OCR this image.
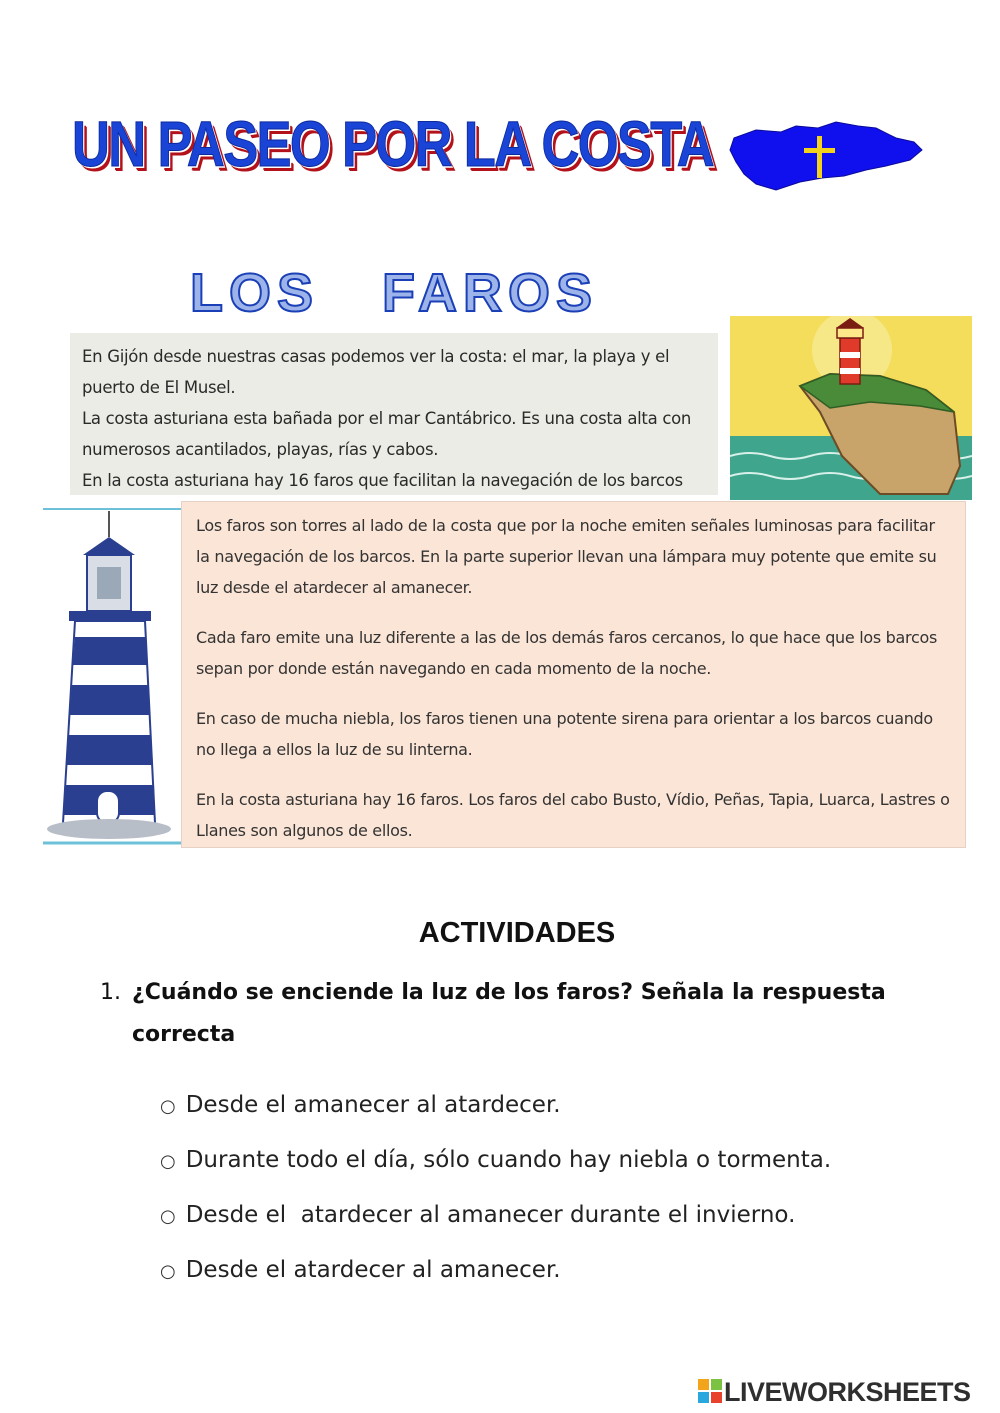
UN PASEO POR LA COSTA
LOS   FAROS

En Gijón desde nuestras casas podemos ver la costa: el mar, la playa y el puerto de El Musel.

La costa asturiana esta bañada por el mar Cantábrico. Es una costa alta con numerosos acantilados, playas, rías y cabos.

En la costa asturiana hay 16 faros que facilitan la navegación de los barcos

Los faros son torres al lado de la costa que por la noche emiten señales luminosas para facilitar la navegación de los barcos. En la parte superior llevan una lámpara muy potente que emite su luz desde el atardecer al amanecer.

Cada faro emite una luz diferente a las de los demás faros cercanos, lo que hace que los barcos sepan por donde están navegando en cada momento de la noche.

En caso de mucha niebla, los faros tienen una potente sirena para orientar a los barcos cuando no llega a ellos la luz de su linterna.

En la costa asturiana hay 16 faros. Los faros del cabo Busto, Vídio, Peñas, Tapia, Luarca, Lastres o Llanes son algunos de ellos.

ACTIVIDADES
1. ¿Cuándo se enciende la luz de los faros? Señala la respuesta correcta
○ Desde el amanecer al atardecer.
○ Durante todo el día, sólo cuando hay niebla o tormenta.
○ Desde el  atardecer al amanecer durante el invierno.
○ Desde el atardecer al amanecer.
LIVEWORKSHEETS
